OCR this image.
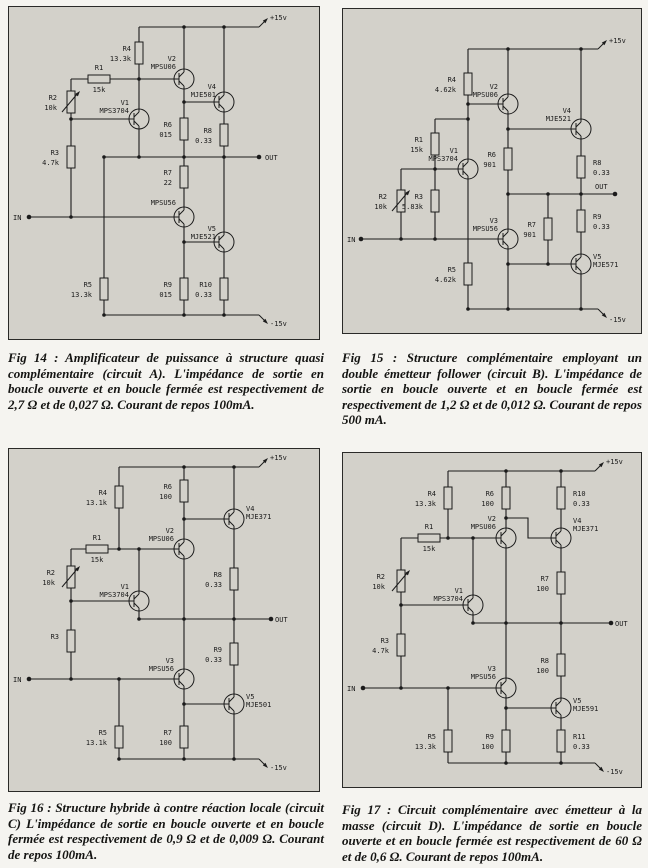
+15v
-15v
IN
OUT
R4
13.3k
R1
15k
R2
10k
R3
4.7k
R6
015	R8
0.33
R7
22
R5
13.3k
R9
015
R10
0.33
V1
MPS3704
V2
MPSU06
MPSU56
V4
MJE501
V5
MJE521
+15v
-15v
IN
OUT
R4
4.62k
R5
4.62k
R1
15k
R2
10k
R3
5.83k
R6
901
R7
901
R8
0.33
R9
0.33
V1
MPS3704
V2
MPSU06
V3
MPSU56
V4
MJE521
V5
MJE571

Fig 14 : Amplificateur de puissance à structure quasi complémentaire (circuit A). L'impédance de sortie en boucle ouverte et en boucle fermée est respectivement de 2,7 Ω et de 0,027 Ω. Courant de repos 100mA.

Fig 15 : Structure complémentaire employant un double émetteur follower (circuit B). L'impédance de sortie en boucle ouverte et en boucle fermée est respectivement de 1,2 Ω et de 0,012 Ω. Courant de repos 500 mA.

+15v
-15v
IN
OUT
R4
13.1k
R6
100
R1
15k
R2
10k
R3
R8
0.33
R9
0.33
R5
13.1k
R7
100
V4
MJE371
V2
MPSU06
V1
MPS3704
V3
MPSU56
V5
MJE501
+15v
-15v
IN
OUT
R4
13.3k
R6
100
R10
0.33
R1
15k
R7
100
R2
10k
R3
4.7k
R8
100
R5
13.3k
R9
100
R11
0.33
V2
MPSU06
V4
MJE371
V1
MPS3704
V3
MPSU56
V5
MJE591

Fig 16 : Structure hybride à contre réaction locale (circuit C) L'impédance de sortie en boucle ouverte et en boucle fermée est respectivement de 0,9 Ω et de 0,009 Ω. Courant de repos 100mA.

Fig 17 : Circuit complémentaire avec émetteur à la masse (circuit D). L'impédance de sortie en boucle ouverte et en boucle fermée est respectivement de 60 Ω et de 0,6 Ω. Courant de repos 100mA.
